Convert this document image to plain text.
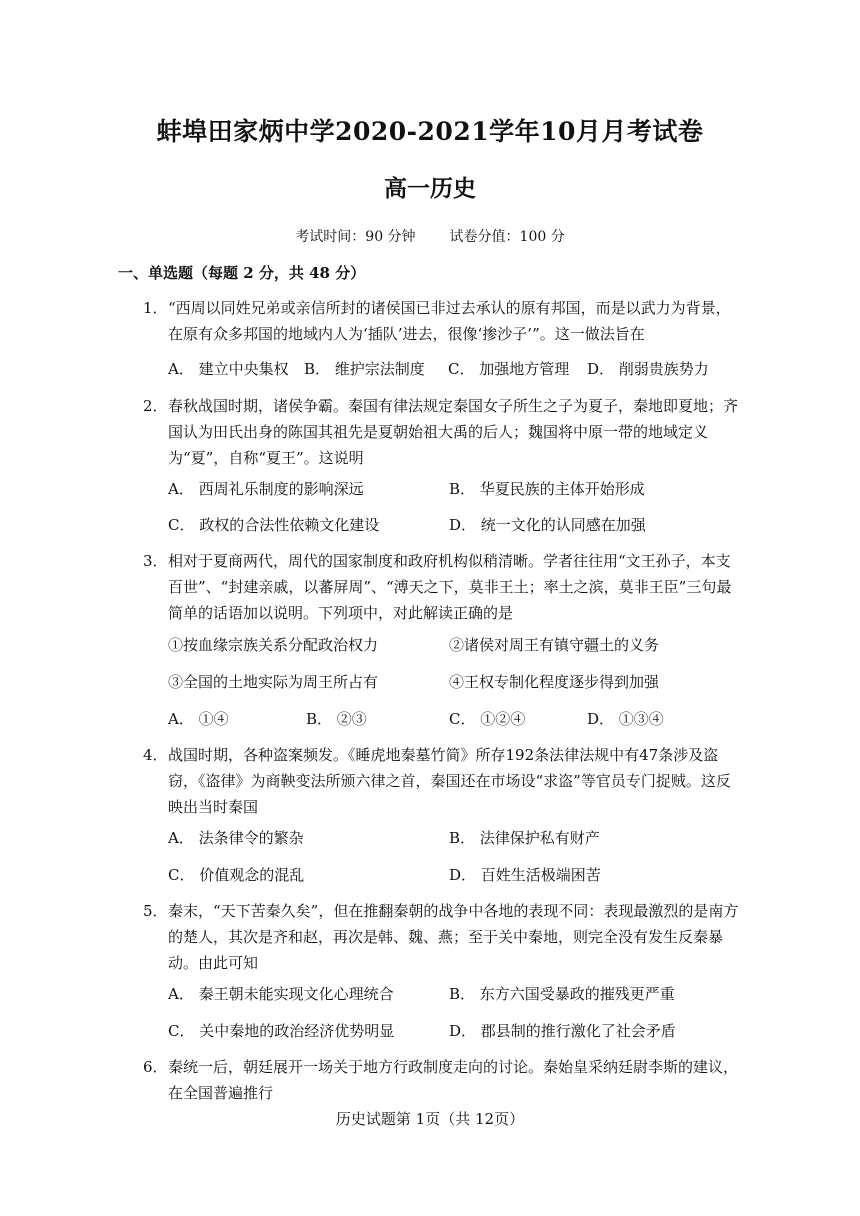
蚌埠田家炳中学2020-2021学年10月月考试卷
高一历史
考试时间：90 分钟 试卷分值：100 分
一、单选题（每题 2 分，共 48 分）
1． “西周以同姓兄弟或亲信所封的诸侯国已非过去承认的原有邦国，而是以武力为背景，在原有众多邦国的地域内人为‘插队’进去，很像‘掺沙子’”。这一做法旨在
A． 建立中央集权 B． 维护宗法制度 C． 加强地方管理 D． 削弱贵族势力
2． 春秋战国时期，诸侯争霸。秦国有律法规定秦国女子所生之子为夏子，秦地即夏地；齐国认为田氏出身的陈国其祖先是夏朝始祖大禹的后人；魏国将中原一带的地域定义为“夏”，自称“夏王”。这说明
A． 西周礼乐制度的影响深远	B． 华夏民族的主体开始形成
C． 政权的合法性依赖文化建设	D． 统一文化的认同感在加强
3． 相对于夏商两代，周代的国家制度和政府机构似稍清晰。学者往往用“文王孙子，本支百世”、“封建亲戚，以蕃屏周”、“溥天之下，莫非王土；率土之滨，莫非王臣”三句最简单的话语加以说明。下列项中，对此解读正确的是
①按血缘宗族关系分配政治权力	②诸侯对周王有镇守疆土的义务
③全国的土地实际为周王所占有	④王权专制化程度逐步得到加强
A． ①④	B． ②③	C． ①②④	D． ①③④
4． 战国时期，各种盗案频发。《睡虎地秦墓竹简》所存192条法律法规中有47条涉及盗窃，《盗律》为商鞅变法所颁六律之首，秦国还在市场设“求盗”等官员专门捉贼。这反映出当时秦国
A． 法条律令的繁杂	B． 法律保护私有财产
C． 价值观念的混乱	D． 百姓生活极端困苦
5． 秦末，“天下苦秦久矣”，但在推翻秦朝的战争中各地的表现不同：表现最激烈的是南方的楚人，其次是齐和赵，再次是韩、魏、燕；至于关中秦地，则完全没有发生反秦暴动。由此可知
A． 秦王朝未能实现文化心理统合	B． 东方六国受暴政的摧残更严重
C． 关中秦地的政治经济优势明显	D． 郡县制的推行激化了社会矛盾
6． 秦统一后，朝廷展开一场关于地方行政制度走向的讨论。秦始皇采纳廷尉李斯的建议，在全国普遍推行
历史试题第 1页（共 12页）
